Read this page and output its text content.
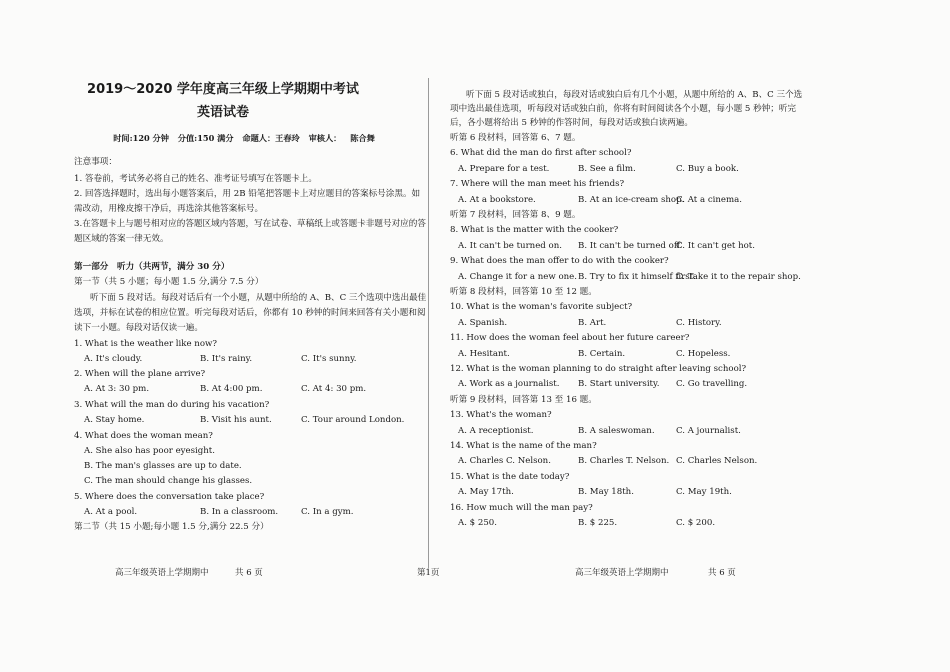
2019～2020 学年度高三年级上学期期中考试
英语试卷
时间:120 分钟 分值:150 满分 命题人：王春玲 审核人： 陈合舞
注意事项：
1. 答卷前，考试务必将自己的姓名、准考证号填写在答题卡上。
2. 回答选择题时，选出每小题答案后，用 2B 铅笔把答题卡上对应题目的答案标号涂黑。如
需改动，用橡皮擦干净后，再选涂其他答案标号。
3.在答题卡上与题号相对应的答题区域内答题，写在试卷、草稿纸上或答题卡非题号对应的答
题区域的答案一律无效。
第一部分　听力（共两节，满分 30 分）
第一节（共 5 小题；每小题 1.5 分,满分 7.5 分）
听下面 5 段对话。每段对话后有一个小题，从题中所给的 A、B、C 三个选项中选出最佳
选项，并标在试卷的相应位置。听完每段对话后，你都有 10 秒钟的时间来回答有关小题和阅
读下一小题。每段对话仅读一遍。
1. What is the weather like now?
A. It's cloudy.	B. It's rainy.	C. It's sunny.
2. When will the plane arrive?
A. At 3: 30 pm.	B. At 4:00 pm.	C. At 4: 30 pm.
3. What will the man do during his vacation?
A. Stay home.	B. Visit his aunt.	C. Tour around London.
4. What does the woman mean?
A. She also has poor eyesight.
B. The man's glasses are up to date.
C. The man should change his glasses.
5. Where does the conversation take place?
A. At a pool.	B. In a classroom.	C. In a gym.
第二节（共 15 小题;每小题 1.5 分,满分 22.5 分）
听下面 5 段对话或独白，每段对话或独白后有几个小题，从题中所给的 A、B、C 三个选
项中选出最佳选项，听每段对话或独白前，你将有时间阅读各个小题，每小题 5 秒钟；听完
后，各小题将给出 5 秒钟的作答时间，每段对话或独白读两遍。
听第 6 段材料，回答第 6、7 题。
6. What did the man do first after school?
A. Prepare for a test.	B. See a film.	C. Buy a book.
7. Where will the man meet his friends?
A. At a bookstore.	B. At an ice-cream shop.
C. At a cinema.
听第 7 段材料，回答第 8、9 题。
8. What is the matter with the cooker?
A. It can't be turned on. B. It can't be turned off.
C. It can't get hot.
9. What does the man offer to do with the cooker?
A. Change it for a new one. B. Try to fix it himself first.
C. Take it to the repair shop.
听第 8 段材料，回答第 10 至 12 题。
10. What is the woman's favorite subject?
A. Spanish.	B. Art.	C. History.
11. How does the woman feel about her future career?
A. Hesitant.	B. Certain.	C. Hopeless.
12. What is the woman planning to do straight after leaving school?
A. Work as a journalist. B. Start university. C. Go travelling.
听第 9 段材料，回答第 13 至 16 题。
13. What's the woman?
A. A receptionist.	B. A saleswoman. C. A journalist.
14. What is the name of the man?
A. Charles C. Nelson.	B. Charles T. Nelson. C. Charles Nelson.
15. What is the date today?
A. May 17th.	B. May 18th.	C. May 19th.
16. How much will the man pay?
A. $ 250.	B. $ 225.	C. $ 200.
高三年级英语上学期期中	共 6 页	第1页	高三年级英语上学期期中	共 6 页
